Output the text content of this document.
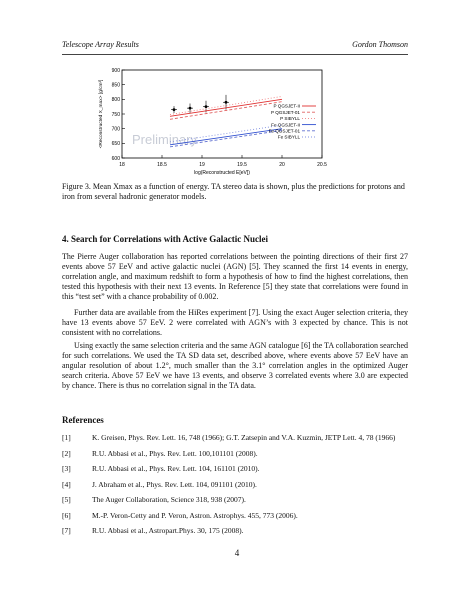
Telescope Array Results	Gordon Thomson
18	18.5	19	19.5	20	20.5
600
650
700
750
800
850
900
log(Reconstructed E[eV])
<Reconstructed X_max> [g/cm²] Preliminary
P QGSJET-II
P QGSJET-01
P SIBYLL
Fe QGSJET-II
Fe QGSJET-01
Fe SIBYLL
Figure 3. Mean Xmax as a function of energy. TA stereo data is shown, plus the predictions for protons and iron from several hadronic generator models.
4. Search for Correlations with Active Galactic Nuclei
The Pierre Auger collaboration has reported correlations between the pointing directions of their first 27 events above 57 EeV and active galactic nuclei (AGN) [5]. They scanned the first 14 events in energy, correlation angle, and maximum redshift to form a hypothesis of how to find the highest correlations, then tested this hypothesis with their next 13 events. In Reference [5] they state that correlations were found in this “test set” with a chance probability of 0.002.
Further data are available from the HiRes experiment [7]. Using the exact Auger selection criteria, they have 13 events above 57 EeV. 2 were correlated with AGN’s with 3 expected by chance. This is not consistent with no correlations.
Using exactly the same selection criteria and the same AGN catalogue [6] the TA collaboration searched for such correlations. We used the TA SD data set, described above, where events above 57 EeV have an angular resolution of about 1.2°, much smaller than the 3.1° correlation angles in the optimized Auger search criteria. Above 57 EeV we have 13 events, and observe 3 correlated events where 3.0 are expected by chance. There is thus no correlation signal in the TA data.
References
[1]	K. Greisen, Phys. Rev. Lett. 16, 748 (1966); G.T. Zatsepin and V.A. Kuzmin, JETP Lett. 4, 78 (1966)
[2]	R.U. Abbasi et al., Phys. Rev. Lett. 100,101101 (2008).
[3]	R.U. Abbasi et al., Phys. Rev. Lett. 104, 161101 (2010).
[4]	J. Abraham et al., Phys. Rev. Lett. 104, 091101 (2010).
[5]	The Auger Collaboration, Science 318, 938 (2007).
[6]	M.-P. Veron-Cetty and P. Veron, Astron. Astrophys. 455, 773 (2006).
[7]	R.U. Abbasi et al., Astropart.Phys. 30, 175 (2008).
4
